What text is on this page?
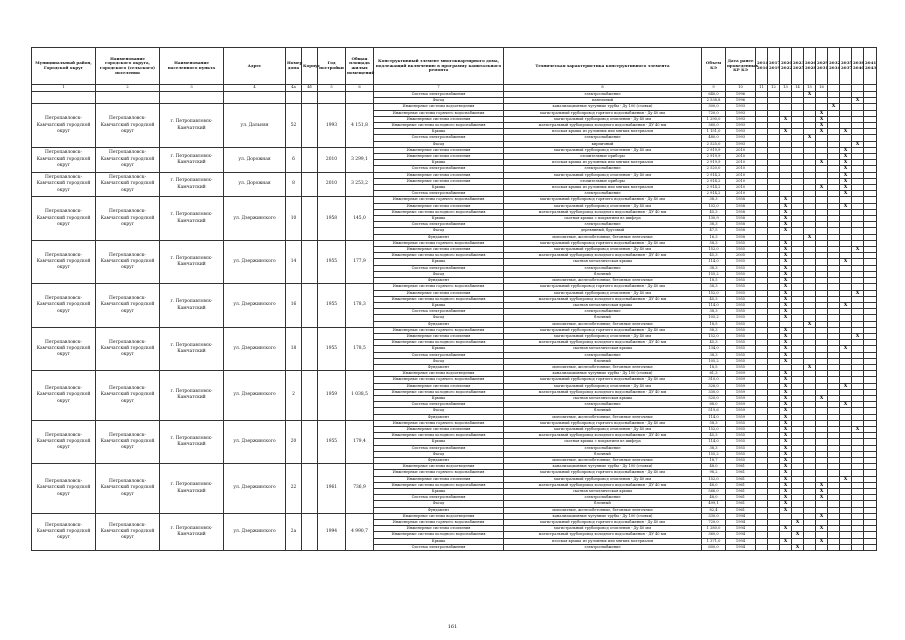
Муниципальный район, Городской округ	Наименование городского округа, городского (сельского) поселения	Наименование населенного пункта	Адрес	Номер дома	Корпус	Год постройки	Общая площадь жилых помещений	Конструктивный элемент многоквартирного дома, подлежащий включению в программу капитального ремонта	Техническая характеристика конструктивного элемента	Объем КЭ	Дата ранее проведенных КР КЭ	2014 2016	2017 2019	2020 2022	2023 2025	2026 2028	2029 2031	2032 2034	2035 2037	2038 2040	2041 2043
1	2	3	4	4а	4б	5	6	7	8	9	10	11	12	13	14	15	16				
								Система электроснабжения	электроснабжение	640,0	1996					X					
								Фасад	панельный	2 538,8	1996									X	
Петропавловск-Камчатский городской округ	Петропавловск-Камчатский городской округ	г. Петропавловск-Камчатский	ул. Дальняя	52		1993	4 151,8	Инженерные системы водоотведения	канализационные чугунные трубы - Ду 100 (стояки)	300,0	1993							X			
								Инженерные системы горячего водоснабжения	магистральный трубопровод горячего водоснабжения - Ду 40 мм	720,0	1993						X				
								Инженерные системы отопления	магистральный трубопровод отопления - Ду 40 мм	1 290,0	1993			X			X				
								Инженерные системы холодного водоснабжения	магистральный трубопровод холодного водоснабжения - ДУ 40 мм	360,0	1993						X				
								Крыша	плоская крыша из рулонных или мягких материалов	1 151,0	1993			X			X		X		
								Система электроснабжения	электроснабжение	480,0	1993					X					
								Фасад	кирпичный	2 525,0	1993									X	
Петропавловск-Камчатский городской округ	Петропавловск-Камчатский городской округ	г. Петропавловск-Камчатский	ул. Дорожная	6		2010	3 299,1	Инженерные системы отопления	магистральный трубопровод отопления - Ду 40 мм	2 919,9	2010								X		
								Инженерные системы отопления	отопительные приборы	2 919,9	2010								X		
								Крыша	плоская крыша из рулонных или мягких материалов	2 919,9	2010						X		X		
								Система электроснабжения	электроснабжение	2 520,0	2010								X		
Петропавловск-Камчатский городской округ	Петропавловск-Камчатский городской округ	г. Петропавловск-Камчатский	ул. Дорожная	8		2010	3 253,2	Инженерные системы отопления	магистральный трубопровод отопления - Ду 40 мм	2 914,2	2010								X		
								Инженерные системы отопления	отопительные приборы	2 914,2	2010								X		
								Крыша	плоская крыша из рулонных или мягких материалов	2 914,2	2010						X		X		
								Система электроснабжения	электроснабжение	2 914,2	2010								X		
Петропавловск-Камчатский городской округ	Петропавловск-Камчатский городской округ	г. Петропавловск-Камчатский	ул. Дзержинского	10		1958	145,0	Инженерные системы горячего водоснабжения	магистральный трубопровод горячего водоснабжения - Ду 40 мм	38,3	1958			X							
								Инженерные системы отопления	магистральный трубопровод отопления - Ду 40 мм	102,0	1958			X					X		
								Инженерные системы холодного водоснабжения	магистральный трубопровод холодного водоснабжения - ДУ 40 мм	45,3	1958			X							
								Крыша	скатная крыша с покрытием из шифера	130,9	1958			X							
								Система электроснабжения	электроснабжение	38,3	1958			X							
								Фасад	деревянный, брусовый	47,5	1958			X							
								Фундамент	монолитные, железобетонные, бетонные ленточные	16,3	1958					X					
Петропавловск-Камчатский городской округ	Петропавловск-Камчатский городской округ	г. Петропавловск-Камчатский	ул. Дзержинского	14		1955	177,9	Инженерные системы горячего водоснабжения	магистральный трубопровод горячего водоснабжения - Ду 40 мм	58,3	1955			X							
								Инженерные системы отопления	магистральный трубопровод отопления - Ду 40 мм	152,0	1955			X						X	
								Инженерные системы холодного водоснабжения	магистральный трубопровод холодного водоснабжения - ДУ 40 мм	45,3	2005			X							
								Крыша	скатная металлическая крыша	114,0	1955			X					X		
								Система электроснабжения	электроснабжение	38,3	1955			X							
								Фасад	блочный	155,2	1955			X							
								Фундамент	монолитные, железобетонные, бетонные ленточные	18,5	1955			X							
Петропавловск-Камчатский городской округ	Петропавловск-Камчатский городской округ	г. Петропавловск-Камчатский	ул. Дзержинского	16		1955	178,3	Инженерные системы горячего водоснабжения	магистральный трубопровод горячего водоснабжения - Ду 40 мм	58,3	1955			X							
								Инженерные системы отопления	магистральный трубопровод отопления - Ду 40 мм	152,0	1955			X						X	
								Инженерные системы холодного водоснабжения	магистральный трубопровод холодного водоснабжения - ДУ 40 мм	45,3	1955			X							
								Крыша	скатная металлическая крыша	114,0	1955			X					X		
								Система электроснабжения	электроснабжение	38,3	1955			X							
								Фасад	блочный	105,2	1955			X							
								Фундамент	монолитные, железобетонные, бетонные ленточные	18,5	1955					X					
Петропавловск-Камчатский городской округ	Петропавловск-Камчатский городской округ	г. Петропавловск-Камчатский	ул. Дзержинского	18		1955	178,5	Инженерные системы горячего водоснабжения	магистральный трубопровод горячего водоснабжения - Ду 40 мм	58,3	1955			X							
								Инженерные системы отопления	магистральный трубопровод отопления - Ду 40 мм	152,0	1955			X						X	
								Инженерные системы холодного водоснабжения	магистральный трубопровод холодного водоснабжения - ДУ 40 мм	45,3	1955			X							
								Крыша	скатная металлическая крыша	134,0	1955			X					X		
								Система электроснабжения	электроснабжение	38,3	1955			X							
								Фасад	блочный	105,2	1955			X							
								Фундамент	монолитные, железобетонные, бетонные ленточные	18,5	1955					X					
Петропавловск-Камчатский городской округ	Петропавловск-Камчатский городской округ	г. Петропавловск-Камчатский	ул. Дзержинского	2		1959	1 038,5	Инженерные системы водоотведения	канализационные чугунные трубы - Ду 100 (стояки)	61,3	1959			X							
								Инженерные системы горячего водоснабжения	магистральный трубопровод горячего водоснабжения - Ду 40 мм	310,0	1959			X							
								Инженерные системы отопления	магистральный трубопровод отопления - Ду 40 мм	326,0	1959			X					X		
								Инженерные системы холодного водоснабжения	магистральный трубопровод холодного водоснабжения - ДУ 40 мм	330,0	1959			X							
								Крыша	скатная металлическая крыша	520,0	1959			X			X				
								Система электроснабжения	электроснабжение	88,0	1959			X					X		
								Фасад	блочный	519,6	1959			X							
								Фундамент	монолитные, железобетонные, бетонные ленточные	114,0	1959			X							
Петропавловск-Камчатский городской округ	Петропавловск-Камчатский городской округ	г. Петропавловск-Камчатский	ул. Дзержинского	20		1955	179,4	Инженерные системы горячего водоснабжения	магистральный трубопровод горячего водоснабжения - Ду 40 мм	58,3	1955			X							
								Инженерные системы отопления	магистральный трубопровод отопления - Ду 40 мм	152,0	1955			X						X	
								Инженерные системы холодного водоснабжения	магистральный трубопровод холодного водоснабжения - ДУ 40 мм	45,3	1955			X							
								Крыша	скатная крыша с покрытием из шифера	114,0	1955			X							
								Система электроснабжения	электроснабжение	38,3	1955			X							
								Фасад	блочный	155,2	1955			X							
								Фундамент	монолитные, железобетонные, бетонные ленточные	18,7	1955			X							
Петропавловск-Камчатский городской округ	Петропавловск-Камчатский городской округ	г. Петропавловск-Камчатский	ул. Дзержинского	22		1961	736,9	Инженерные системы водоотведения	канализационные чугунные трубы - Ду 100 (стояки)	48,0	1961			X							
								Инженерные системы горячего водоснабжения	магистральный трубопровод горячего водоснабжения - Ду 40 мм	98,2	1961			X							
								Инженерные системы отопления	магистральный трубопровод отопления - Ду 40 мм	152,0	1961			X					X		
								Инженерные системы холодного водоснабжения	магистральный трубопровод холодного водоснабжения - ДУ 40 мм	48,0	1961			X			X				
								Крыша	скатная металлическая крыша	566,0	1961			X			X				
								Система электроснабжения	электроснабжение	48,0	1961			X			X				
								Фасад	блочный	499,1	1961			X							
								Фундамент	монолитные, железобетонные, бетонные ленточные	82,4	1961			X							
Петропавловск-Камчатский городской округ	Петропавловск-Камчатский городской округ	г. Петропавловск-Камчатский	ул. Дзержинского	2а		1994	4 990,7	Инженерные системы водоотведения	канализационные чугунные трубы - Ду 100 (стояки)	330,0	1994						X				
								Инженерные системы горячего водоснабжения	магистральный трубопровод горячего водоснабжения - Ду 40 мм	720,0	1994				X						
								Инженерные системы отопления	магистральный трубопровод отопления - Ду 40 мм	1 280,0	1994			X			X				
								Инженерные системы холодного водоснабжения	магистральный трубопровод холодного водоснабжения - ДУ 40 мм	360,0	1994				X						
								Крыша	плоская крыша из рулонных или мягких материалов	1 371,0	1994			X			X				
								Система электроснабжения	электроснабжение	600,0	1994				X						
161
